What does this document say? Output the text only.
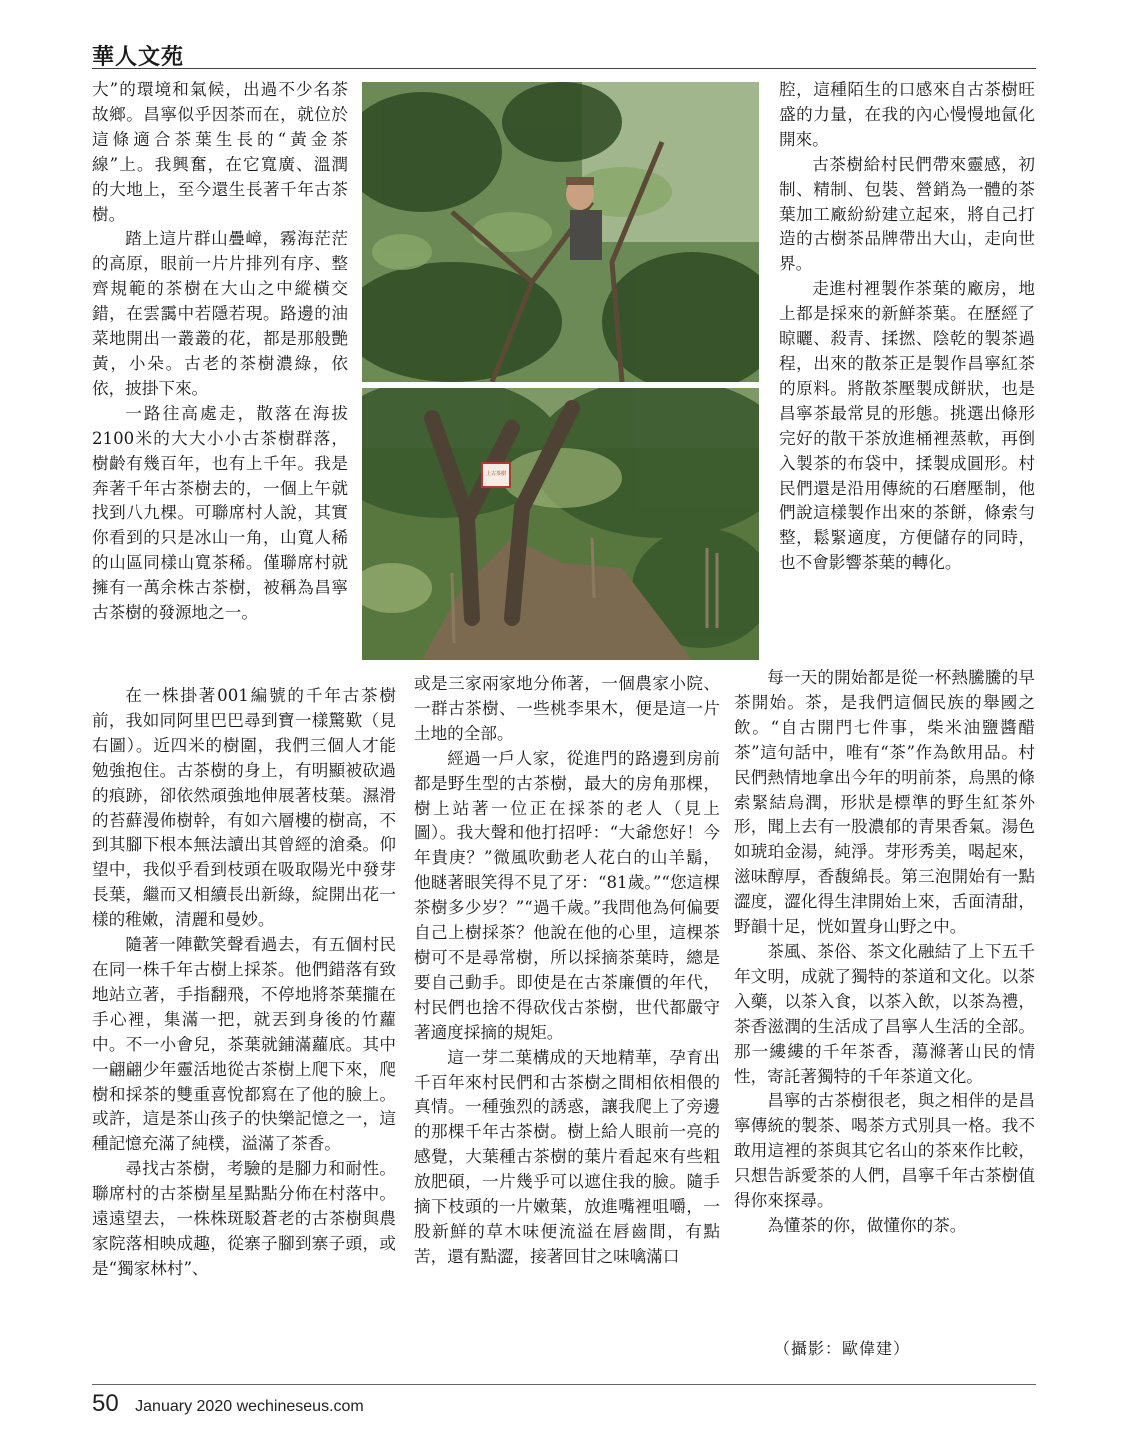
華人文苑

大”的環境和氣候，出過不少名茶故鄉。昌寧似乎因茶而在，就位於這條適合茶葉生長的“黃金茶線”上。我興奮，在它寬廣、溫潤的大地上，至今還生長著千年古茶樹。

踏上這片群山疊嶂，霧海茫茫的高原，眼前一片片排列有序、整齊規範的茶樹在大山之中縱橫交錯，在雲靄中若隱若現。路邊的油菜地開出一叢叢的花，都是那般艷黃，小朵。古老的茶樹濃綠，依依，披掛下來。

一路往高處走，散落在海拔2100米的大大小小古茶樹群落，樹齡有幾百年，也有上千年。我是奔著千年古茶樹去的，一個上午就找到八九棵。可聯席村人說，其實你看到的只是冰山一角，山寬人稀的山區同樣山寬茶稀。僅聯席村就擁有一萬余株古茶樹，被稱為昌寧古茶樹的發源地之一。

在一株掛著001編號的千年古茶樹前，我如同阿里巴巴尋到寶一樣驚歎（見右圖）。近四米的樹圍，我們三個人才能勉強抱住。古茶樹的身上，有明顯被砍過的痕跡，卻依然頑強地伸展著枝葉。濕滑的苔蘚漫佈樹幹，有如六層樓的樹高，不到其腳下根本無法讀出其曾經的滄桑。仰望中，我似乎看到枝頭在吸取陽光中發芽長葉，繼而又相續長出新綠，綻開出花一樣的稚嫩，清麗和曼妙。

隨著一陣歡笑聲看過去，有五個村民在同一株千年古樹上採茶。他們錯落有致地站立著，手指翻飛，不停地將茶葉攏在手心裡，集滿一把，就丟到身後的竹蘿中。不一小會兒，茶葉就鋪滿蘿底。其中一翩翩少年靈活地從古茶樹上爬下來，爬樹和採茶的雙重喜悅都寫在了他的臉上。或許，這是茶山孩子的快樂記憶之一，這種記憶充滿了純樸，溢滿了茶香。

尋找古茶樹，考驗的是腳力和耐性。聯席村的古茶樹星星點點分佈在村落中。遠遠望去，一株株斑駁蒼老的古茶樹與農家院落相映成趣，從寨子腳到寨子頭，或是“獨家林村”、

或是三家兩家地分佈著，一個農家小院、一群古茶樹、一些桃李果木，便是這一片土地的全部。

經過一戶人家，從進門的路邊到房前都是野生型的古茶樹，最大的房角那棵，樹上站著一位正在採茶的老人（見上圖）。我大聲和他打招呼：“大爺您好！今年貴庚？”微風吹動老人花白的山羊鬍，他瞇著眼笑得不見了牙：“81歲。”“您這棵茶樹多少岁？”“過千歲。”我問他為何偏要自己上樹採茶？他說在他的心里，這棵茶樹可不是尋常樹，所以採摘茶葉時，總是要自己動手。即使是在古茶廉價的年代，村民們也捨不得砍伐古茶樹，世代都嚴守著適度採摘的規矩。

這一芽二葉構成的天地精華，孕育出千百年來村民們和古茶樹之間相依相偎的真情。一種強烈的誘惑，讓我爬上了旁邊的那棵千年古茶樹。樹上給人眼前一亮的感覺，大葉種古茶樹的葉片看起來有些粗放肥碩，一片幾乎可以遮住我的臉。隨手摘下枝頭的一片嫩葉，放進嘴裡咀嚼，一股新鮮的草木味便流溢在唇齒間，有點苦，還有點澀，接著回甘之味噙滿口

腔，這種陌生的口感來自古茶樹旺盛的力量，在我的內心慢慢地氤化開來。

古茶樹給村民們帶來靈感，初制、精制、包裝、營銷為一體的茶葉加工廠紛紛建立起來，將自己打造的古樹茶品牌帶出大山，走向世界。

走進村裡製作茶葉的廠房，地上都是採來的新鮮茶葉。在歷經了晾曬、殺青、揉撚、陰乾的製茶過程，出來的散茶正是製作昌寧紅茶的原料。將散茶壓製成餅狀，也是昌寧茶最常見的形態。挑選出條形完好的散干茶放進桶裡蒸軟，再倒入製茶的布袋中，揉製成圓形。村民們還是沿用傳統的石磨壓制，他們說這樣製作出來的茶餅，條索勻整，鬆緊適度，方便儲存的同時，也不會影響茶葉的轉化。

每一天的開始都是從一杯熱騰騰的早茶開始。茶，是我們這個民族的舉國之飲。“自古開門七件事，柴米油鹽醬醋茶”這句話中，唯有“茶”作為飲用品。村民們熱情地拿出今年的明前茶，烏黑的條索緊結烏潤，形狀是標準的野生紅茶外形，聞上去有一股濃郁的青果香氣。湯色如琥珀金湯，純淨。芽形秀美，喝起來，滋味醇厚，香馥綿長。第三泡開始有一點澀度，澀化得生津開始上來，舌面清甜，野韻十足，恍如置身山野之中。

茶風、茶俗、茶文化融結了上下五千年文明，成就了獨特的茶道和文化。以茶入藥，以茶入食，以茶入飲，以茶為禮，茶香滋潤的生活成了昌寧人生活的全部。那一縷縷的千年茶香，蕩滌著山民的情性，寄託著獨特的千年茶道文化。

昌寧的古茶樹很老，與之相伴的是昌寧傳統的製茶、喝茶方式別具一格。我不敢用這裡的茶與其它名山的茶來作比較，只想告訴愛茶的人們，昌寧千年古茶樹值得你來探尋。

為懂茶的你，做懂你的茶。

上古茶樹
（攝影：歐偉建）
50 January 2020 wechineseus.com
